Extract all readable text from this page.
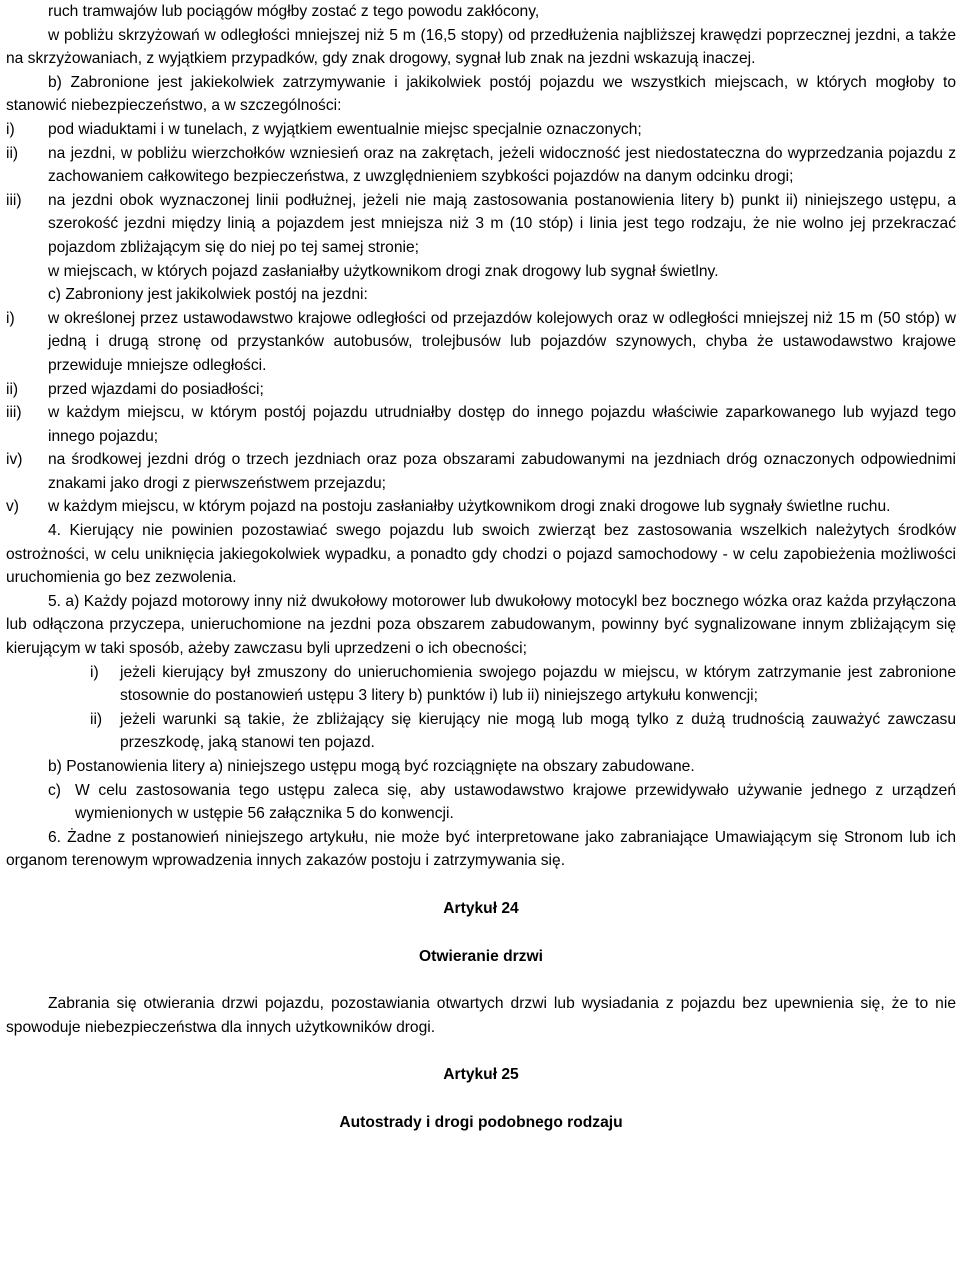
ruch tramwajów lub pociągów mógłby zostać z tego powodu zakłócony,

w pobliżu skrzyżowań w odległości mniejszej niż 5 m (16,5 stopy) od przedłużenia najbliższej krawędzi poprzecznej jezdni, a także na skrzyżowaniach, z wyjątkiem przypadków, gdy znak drogowy, sygnał lub znak na jezdni wskazują inaczej.

b) Zabronione jest jakiekolwiek zatrzymywanie i jakikolwiek postój pojazdu we wszystkich miejscach, w których mogłoby to stanowić niebezpieczeństwo, a w szczególności:

i)	pod wiaduktami i w tunelach, z wyjątkiem ewentualnie miejsc specjalnie oznaczonych;
ii)	na jezdni, w pobliżu wierzchołków wzniesień oraz na zakrętach, jeżeli widoczność jest niedostateczna do wyprzedzania pojazdu z zachowaniem całkowitego bezpieczeństwa, z uwzględnieniem szybkości pojazdów na danym odcinku drogi;
iii)	na jezdni obok wyznaczonej linii podłużnej, jeżeli nie mają zastosowania postanowienia litery b) punkt ii) niniejszego ustępu, a szerokość jezdni między linią a pojazdem jest mniejsza niż 3 m (10 stóp) i linia jest tego rodzaju, że nie wolno jej przekraczać pojazdom zbliżającym się do niej po tej samej stronie;

w miejscach, w których pojazd zasłaniałby użytkownikom drogi znak drogowy lub sygnał świetlny.

c) Zabroniony jest jakikolwiek postój na jezdni:

i)	w określonej przez ustawodawstwo krajowe odległości od przejazdów kolejowych oraz w odległości mniejszej niż 15 m (50 stóp) w jedną i drugą stronę od przystanków autobusów, trolejbusów lub pojazdów szynowych, chyba że ustawodawstwo krajowe przewiduje mniejsze odległości.
ii)	przed wjazdami do posiadłości;
iii)	w każdym miejscu, w którym postój pojazdu utrudniałby dostęp do innego pojazdu właściwie zaparkowanego lub wyjazd tego innego pojazdu;
iv)	na środkowej jezdni dróg o trzech jezdniach oraz poza obszarami zabudowanymi na jezdniach dróg oznaczonych odpowiednimi znakami jako drogi z pierwszeństwem przejazdu;
v)	w każdym miejscu, w którym pojazd na postoju zasłaniałby użytkownikom drogi znaki drogowe lub sygnały świetlne ruchu.

4. Kierujący nie powinien pozostawiać swego pojazdu lub swoich zwierząt bez zastosowania wszelkich należytych środków ostrożności, w celu uniknięcia jakiegokolwiek wypadku, a ponadto gdy chodzi o pojazd samochodowy - w celu zapobieżenia możliwości uruchomienia go bez zezwolenia.

5. a) Każdy pojazd motorowy inny niż dwukołowy motorower lub dwukołowy motocykl bez bocznego wózka oraz każda przyłączona lub odłączona przyczepa, unieruchomione na jezdni poza obszarem zabudowanym, powinny być sygnalizowane innym zbliżającym się kierującym w taki sposób, ażeby zawczasu byli uprzedzeni o ich obecności;

i)	jeżeli kierujący był zmuszony do unieruchomienia swojego pojazdu w miejscu, w którym zatrzymanie jest zabronione stosownie do postanowień ustępu 3 litery b) punktów i) lub ii) niniejszego artykułu konwencji;
ii)	jeżeli warunki są takie, że zbliżający się kierujący nie mogą lub mogą tylko z dużą trudnością zauważyć zawczasu przeszkodę, jaką stanowi ten pojazd.

b) Postanowienia litery a) niniejszego ustępu mogą być rozciągnięte na obszary zabudowane.

c) W celu zastosowania tego ustępu zaleca się, aby ustawodawstwo krajowe przewidywało używanie jednego z urządzeń wymienionych w ustępie 56 załącznika 5 do konwencji.

6. Żadne z postanowień niniejszego artykułu, nie może być interpretowane jako zabraniające Umawiającym się Stronom lub ich organom terenowym wprowadzenia innych zakazów postoju i zatrzymywania się.

Artykuł 24

Otwieranie drzwi

Zabrania się otwierania drzwi pojazdu, pozostawiania otwartych drzwi lub wysiadania z pojazdu bez upewnienia się, że to nie spowoduje niebezpieczeństwa dla innych użytkowników drogi.

Artykuł 25

Autostrady i drogi podobnego rodzaju
